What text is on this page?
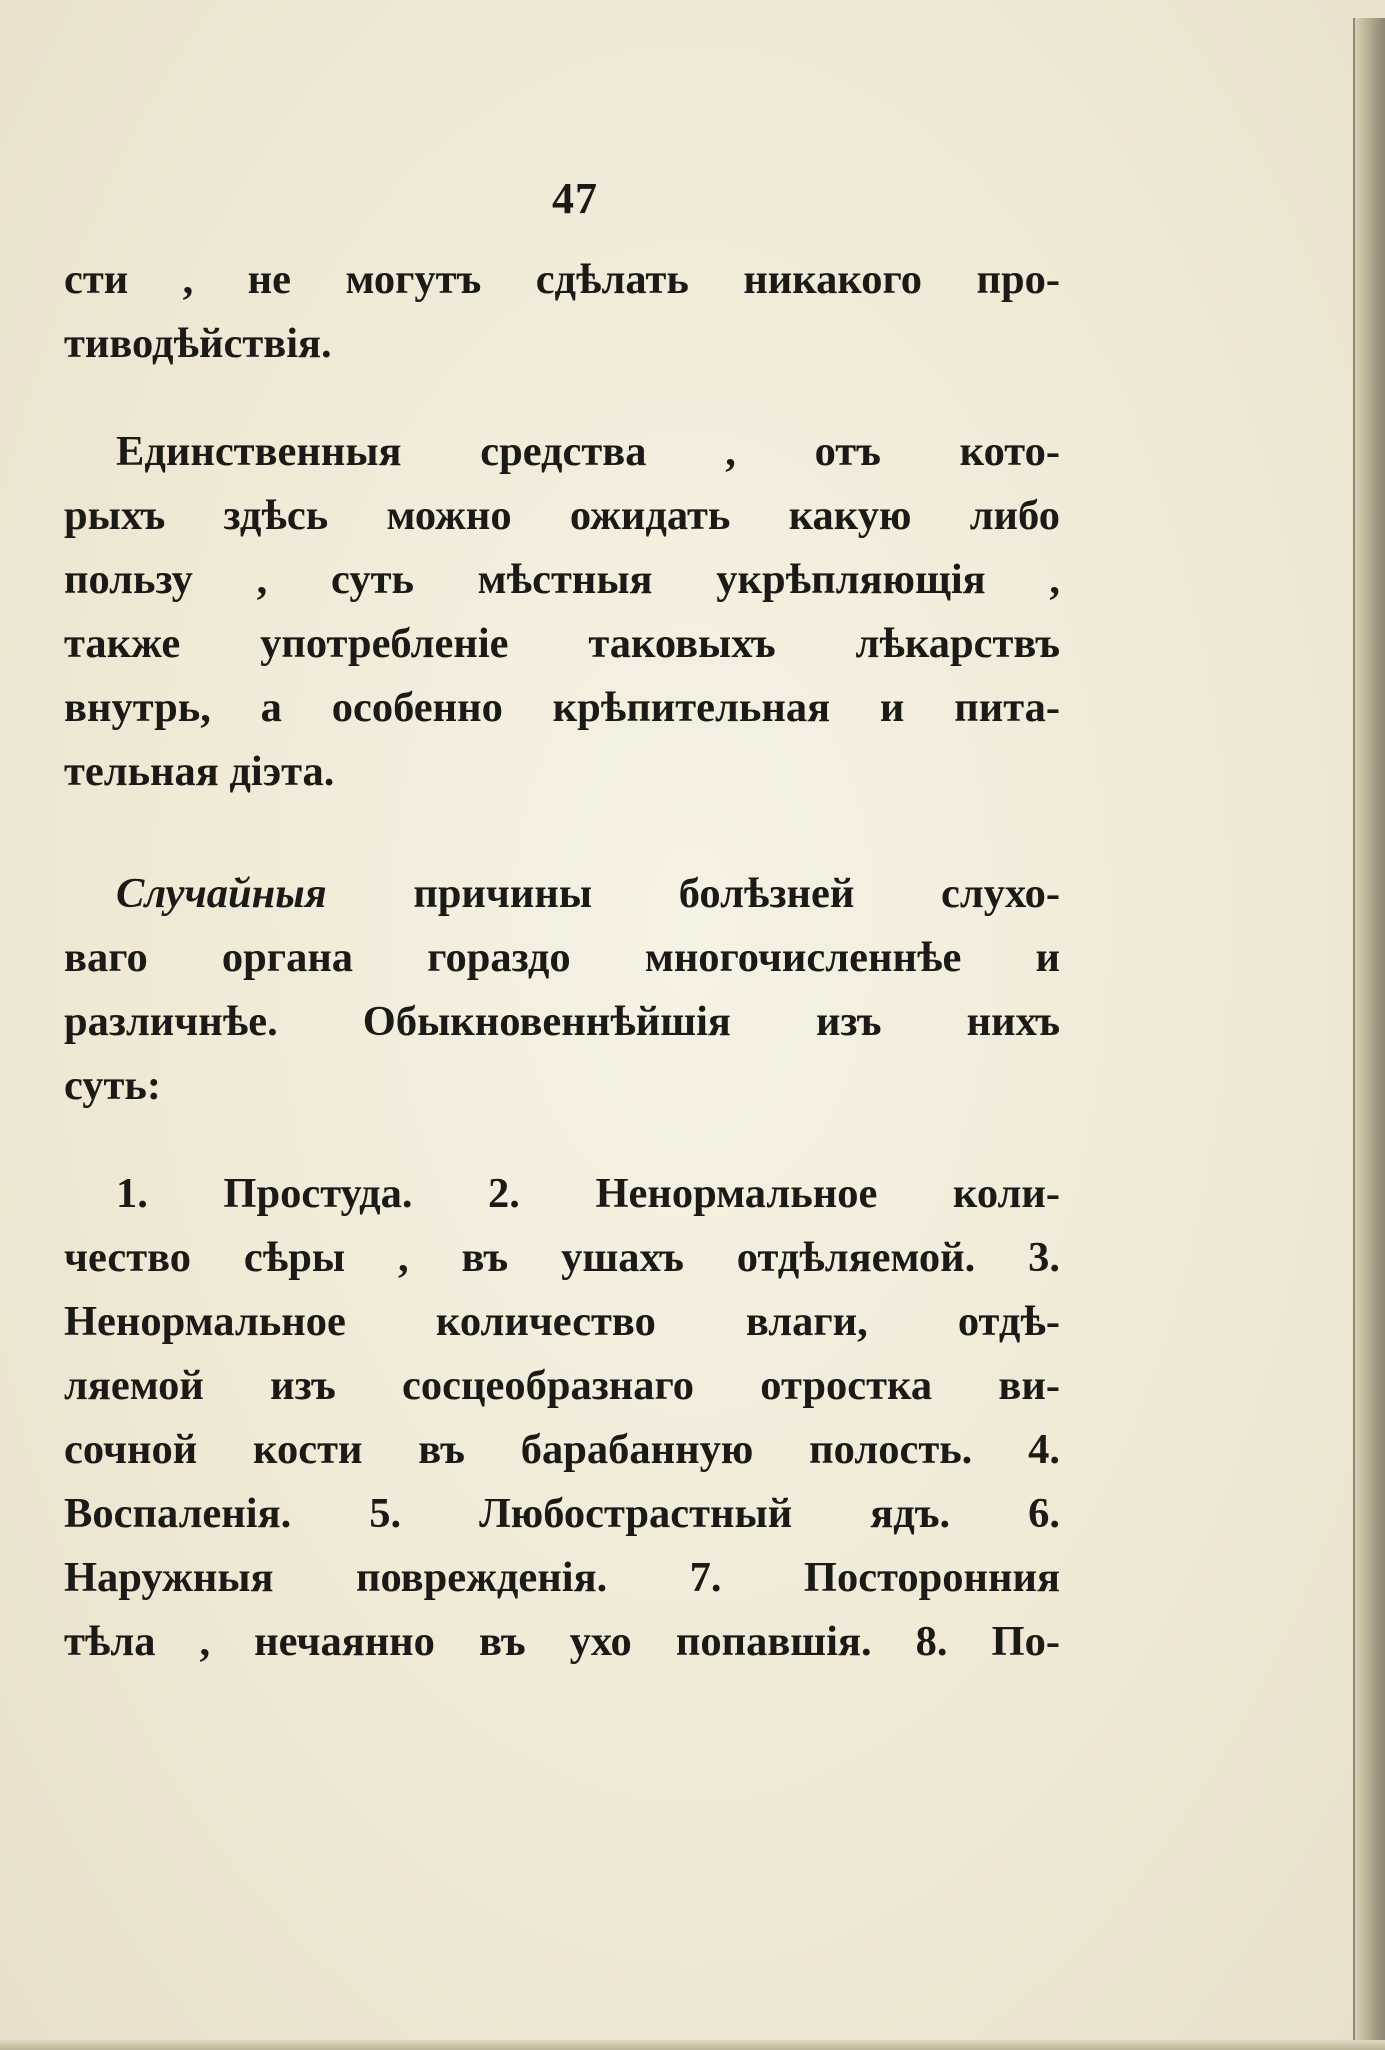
47
сти , не могутъ сдѣлать никакого про-
тиводѣйствія.
Единственныя средства , отъ кото-
рыхъ здѣсь можно ожидать какую либо
пользу , суть мѣстныя укрѣпляющія ,
также употребленіе таковыхъ лѣкарствъ
внутрь, а особенно крѣпительная и пита-
тельная діэта.
Случайныя причины болѣзней слухо-
ваго органа гораздо многочисленнѣе и
различнѣе. Обыкновеннѣйшія изъ нихъ
суть:
1. Простуда. 2. Ненормальное коли-
чество сѣры , въ ушахъ отдѣляемой. 3.
Ненормальное количество влаги, отдѣ-
ляемой изъ сосцеобразнаго отростка ви-
сочной кости въ барабанную полость. 4.
Воспаленія. 5. Любострастный ядъ. 6.
Наружныя поврежденія. 7. Посторонния
тѣла , нечаянно въ ухо попавшія. 8. По-
